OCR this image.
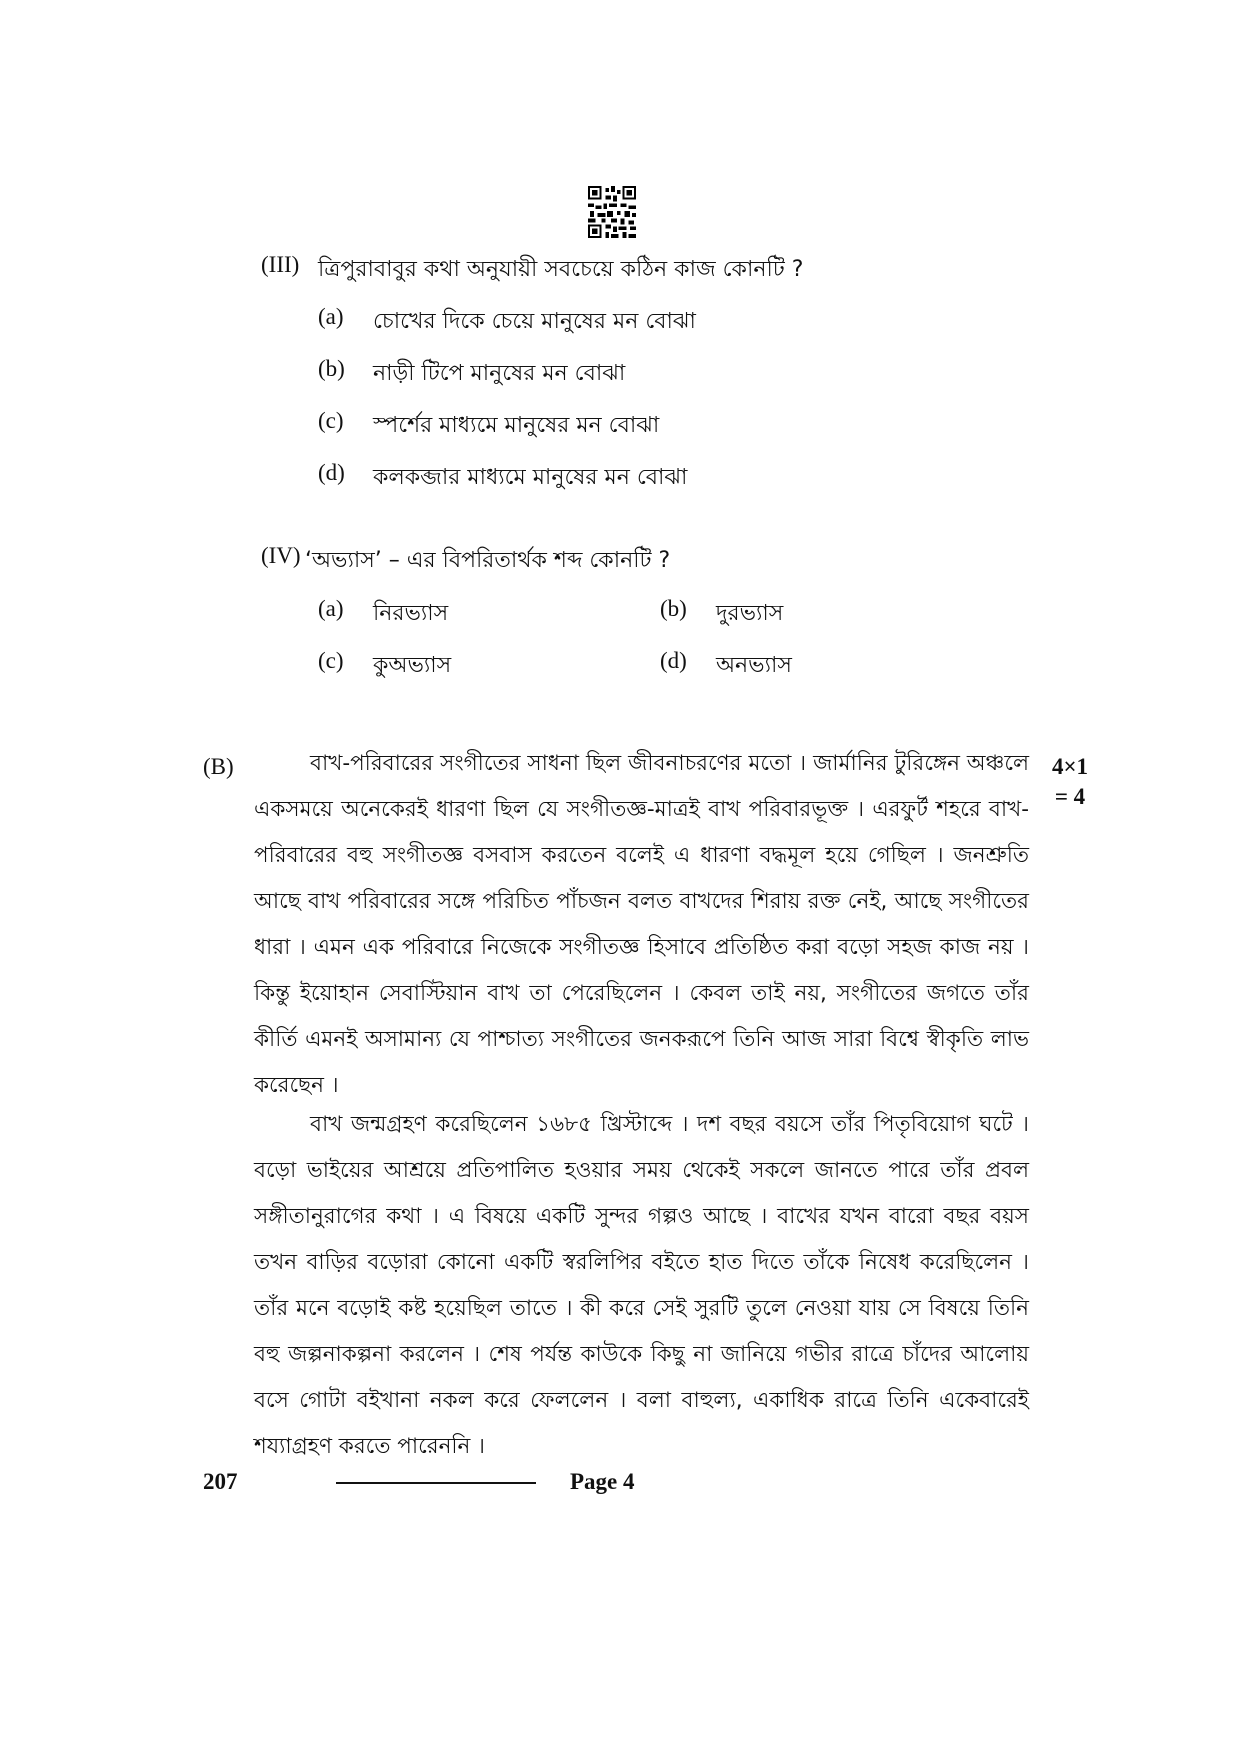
(III) ত্রিপুরাবাবুর কথা অনুযায়ী সবচেয়ে কঠিন কাজ কোনটি ?
(a) চোখের দিকে চেয়ে মানুষের মন বোঝা
(b) নাড়ী টিপে মানুষের মন বোঝা
(c) স্পর্শের মাধ্যমে মানুষের মন বোঝা
(d) কলকব্জার মাধ্যমে মানুষের মন বোঝা
(IV) ‘অভ্যাস’ – এর বিপরিতার্থক শব্দ কোনটি ?
(a) নিরভ্যাস	(b) দুরভ্যাস
(c) কুঅভ্যাস	(d) অনভ্যাস
(B)	4×1
= 4

বাখ-পরিবারের সংগীতের সাধনা ছিল জীবনাচরণের মতো । জার্মানির টুরিঙ্গেন অঞ্চলে একসময়ে অনেকেরই ধারণা ছিল যে সংগীতজ্ঞ-মাত্রই বাখ পরিবারভূক্ত । এরফুর্ট শহরে বাখ-পরিবারের বহু সংগীতজ্ঞ বসবাস করতেন বলেই এ ধারণা বদ্ধমূল হয়ে গেছিল । জনশ্রুতি আছে বাখ পরিবারের সঙ্গে পরিচিত পাঁচজন বলত বাখদের শিরায় রক্ত নেই, আছে সংগীতের ধারা । এমন এক পরিবারে নিজেকে সংগীতজ্ঞ হিসাবে প্রতিষ্ঠিত করা বড়ো সহজ কাজ নয় । কিন্তু ইয়োহান সেবাস্টিয়ান বাখ তা পেরেছিলেন । কেবল তাই নয়, সংগীতের জগতে তাঁর কীর্তি এমনই অসামান্য যে পাশ্চাত্য সংগীতের জনকরূপে তিনি আজ সারা বিশ্বে স্বীকৃতি লাভ করেছেন ।

বাখ জন্মগ্রহণ করেছিলেন ১৬৮৫ খ্রিস্টাব্দে । দশ বছর বয়সে তাঁর পিতৃবিয়োগ ঘটে । বড়ো ভাইয়ের আশ্রয়ে প্রতিপালিত হওয়ার সময় থেকেই সকলে জানতে পারে তাঁর প্রবল সঙ্গীতানুরাগের কথা । এ বিষয়ে একটি সুন্দর গল্পও আছে । বাখের যখন বারো বছর বয়স তখন বাড়ির বড়োরা কোনো একটি স্বরলিপির বইতে হাত দিতে তাঁকে নিষেধ করেছিলেন । তাঁর মনে বড়োই কষ্ট হয়েছিল তাতে । কী করে সেই সুরটি তুলে নেওয়া যায় সে বিষয়ে তিনি বহু জল্পনাকল্পনা করলেন । শেষ পর্যন্ত কাউকে কিছু না জানিয়ে গভীর রাত্রে চাঁদের আলোয় বসে গোটা বইখানা নকল করে ফেললেন । বলা বাহুল্য, একাধিক রাত্রে তিনি একেবারেই শয্যাগ্রহণ করতে পারেননি ।

207	Page 4
